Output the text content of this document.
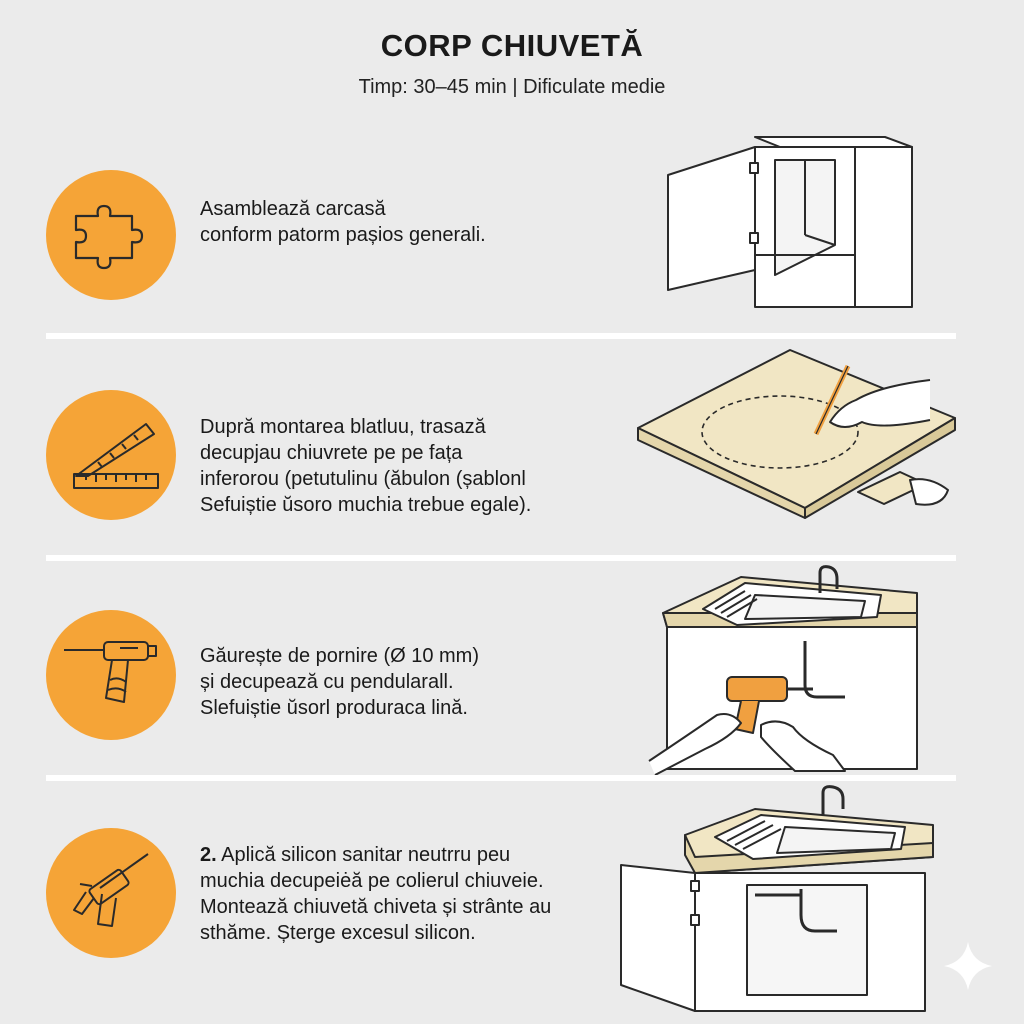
CORP CHIUVETĂ
Timp: 30–45 min | Dificulate medie
Asamblează carcasă
conform patorm pașios generali.
Dupră montarea blatluu, trasază
decupjau chiuvrete pe pe fața
inferorou (petutulinu (ăbulon (șablonl
Sefuiștie ŭsoro muchia trebue egale).
Găurește de pornire (Ø 10 mm)
și decupează cu pendularall.
Slefuiștie ŭsorl produraca lină.
2. Aplică silicon sanitar neutrru peu
muchia decupeiėă pe colierul chiuveie.
Montează chiuvetă chiveta și strânte au
sthăme. Șterge excesul silicon.
